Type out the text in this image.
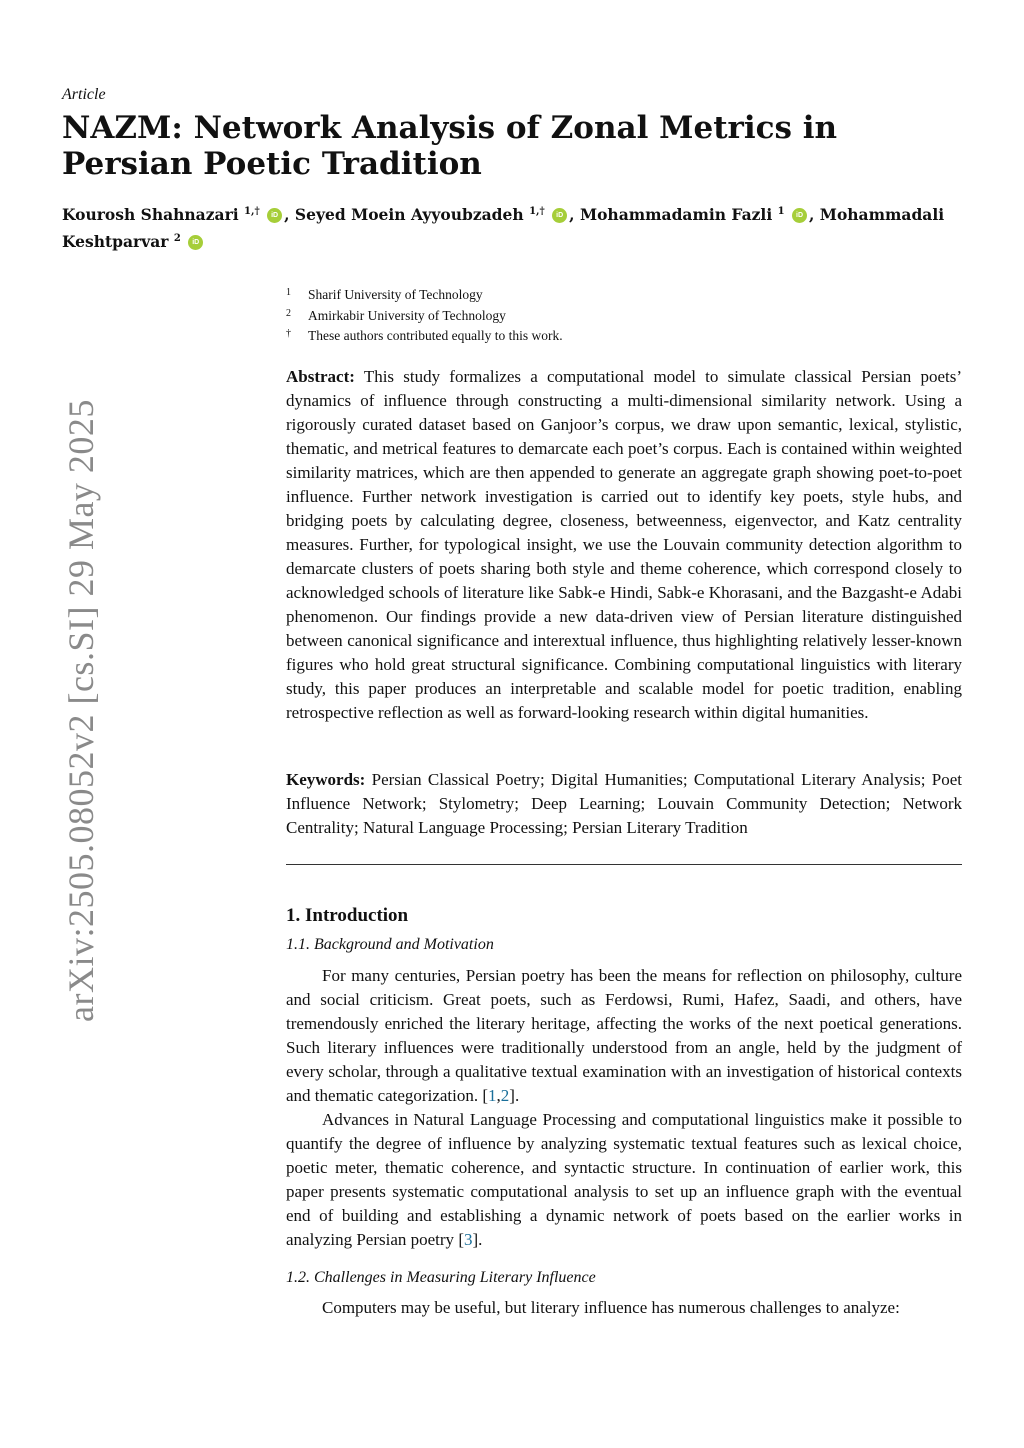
arXiv:2505.08052v2 [cs.SI] 29 May 2025
Article
NAZM: Network Analysis of Zonal Metrics in Persian Poetic Tradition
Kourosh Shahnazari $^{1,\dagger}$ iD , Seyed Moein Ayyoubzadeh $^{1,\dagger}$ iD , Mohammadamin Fazli $^1$ iD , Mohammadali Keshtparvar $^2$ iD
1 Sharif University of Technology
2 Amirkabir University of Technology
† These authors contributed equally to this work.
Abstract: This study formalizes a computational model to simulate classical Persian poets’ dynamics of influence through constructing a multi-dimensional similarity network. Using a rigorously curated dataset based on Ganjoor’s corpus, we draw upon semantic, lexical, stylistic, thematic, and metrical features to demarcate each poet’s corpus. Each is contained within weighted similarity matrices, which are then appended to generate an aggregate graph showing poet-to-poet influence. Further network investigation is carried out to identify key poets, style hubs, and bridging poets by calculating degree, closeness, betweenness, eigenvector, and Katz centrality measures. Further, for typological insight, we use the Louvain community detection algorithm to demarcate clusters of poets sharing both style and theme coherence, which correspond closely to acknowledged schools of literature like Sabk-e Hindi, Sabk-e Khorasani, and the Bazgasht-e Adabi phenomenon. Our findings provide a new data-driven view of Persian literature distinguished between canonical significance and interextual influence, thus highlighting relatively lesser-known figures who hold great structural significance. Combining computational linguistics with literary study, this paper produces an interpretable and scalable model for poetic tradition, enabling retrospective reflection as well as forward-looking research within digital humanities.
Keywords: Persian Classical Poetry; Digital Humanities; Computational Literary Analysis; Poet Influence Network; Stylometry; Deep Learning; Louvain Community Detection; Network Centrality; Natural Language Processing; Persian Literary Tradition
1. Introduction
1.1. Background and Motivation

For many centuries, Persian poetry has been the means for reflection on philosophy, culture and social criticism. Great poets, such as Ferdowsi, Rumi, Hafez, Saadi, and others, have tremendously enriched the literary heritage, affecting the works of the next poetical generations. Such literary influences were traditionally understood from an angle, held by the judgment of every scholar, through a qualitative textual examination with an investigation of historical contexts and thematic categorization. [1,2].

Advances in Natural Language Processing and computational linguistics make it possible to quantify the degree of influence by analyzing systematic textual features such as lexical choice, poetic meter, thematic coherence, and syntactic structure. In continuation of earlier work, this paper presents systematic computational analysis to set up an influence graph with the eventual end of building and establishing a dynamic network of poets based on the earlier works in analyzing Persian poetry [3].

1.2. Challenges in Measuring Literary Influence

Computers may be useful, but literary influence has numerous challenges to analyze:
